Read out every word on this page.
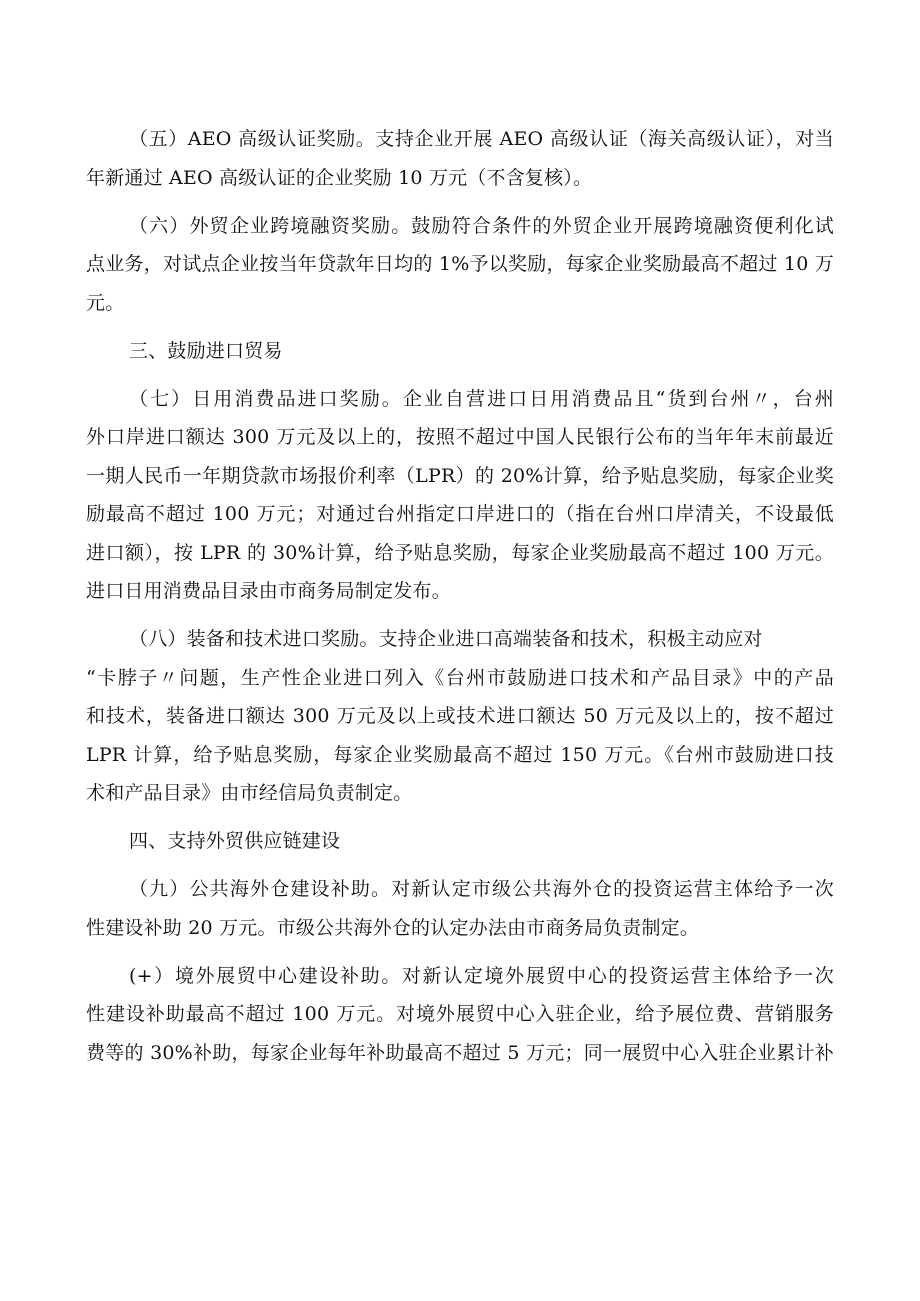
（五）AEO 高级认证奖励。支持企业开展 AEO 高级认证（海关高级认证），对当
年新通过 AEO 高级认证的企业奖励 10 万元（不含复核）。
（六）外贸企业跨境融资奖励。鼓励符合条件的外贸企业开展跨境融资便利化试
点业务，对试点企业按当年贷款年日均的 1%予以奖励，每家企业奖励最高不超过 10 万
元。
三、鼓励进口贸易
（七）日用消费品进口奖励。企业自营进口日用消费品且“货到台州〃，台州
外口岸进口额达 300 万元及以上的，按照不超过中国人民银行公布的当年年末前最近
一期人民币一年期贷款市场报价利率（LPR）的 20%计算，给予贴息奖励，每家企业奖
励最高不超过 100 万元；对通过台州指定口岸进口的（指在台州口岸清关，不设最低
进口额），按 LPR 的 30%计算，给予贴息奖励，每家企业奖励最高不超过 100 万元。
进口日用消费品目录由市商务局制定发布。
（八）装备和技术进口奖励。支持企业进口高端装备和技术，积极主动应对
“卡脖子〃问题，生产性企业进口列入《台州市鼓励进口技术和产品目录》中的产品
和技术，装备进口额达 300 万元及以上或技术进口额达 50 万元及以上的，按不超过
LPR 计算，给予贴息奖励，每家企业奖励最高不超过 150 万元。《台州市鼓励进口技
术和产品目录》由市经信局负责制定。
四、支持外贸供应链建设
（九）公共海外仓建设补助。对新认定市级公共海外仓的投资运营主体给予一次
性建设补助 20 万元。市级公共海外仓的认定办法由市商务局负责制定。
(+）境外展贸中心建设补助。对新认定境外展贸中心的投资运营主体给予一次
性建设补助最高不超过 100 万元。对境外展贸中心入驻企业，给予展位费、营销服务
费等的 30%补助，每家企业每年补助最高不超过 5 万元；同一展贸中心入驻企业累计补
